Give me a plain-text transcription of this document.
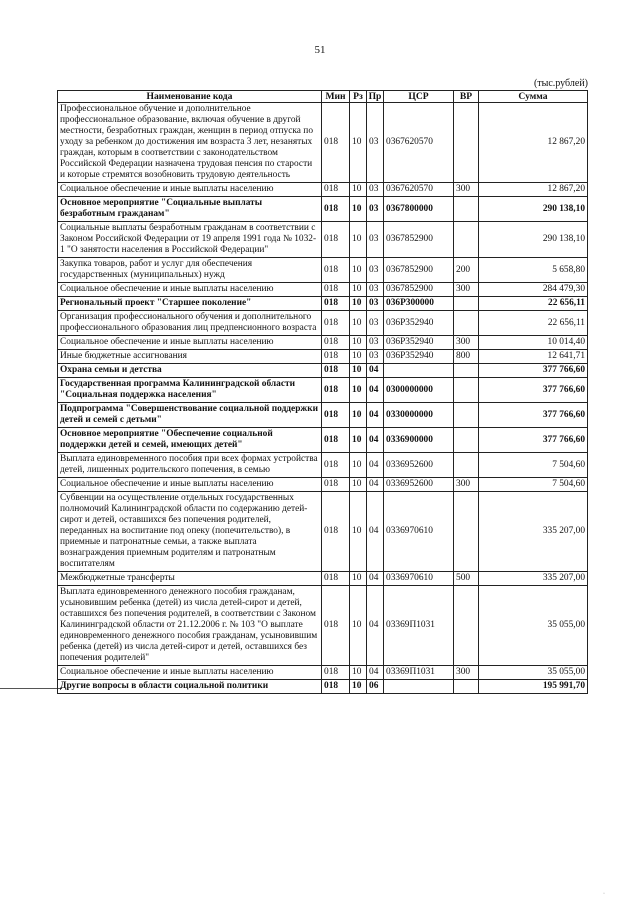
51
(тыс.рублей)
Наименование кода	Мин	Рз	Пр	ЦСР	ВР	Сумма
Профессиональное обучение и дополнительное профессиональное образование, включая обучение в другой местности, безработных граждан, женщин в период отпуска по уходу за ребенком до достижения им возраста 3 лет, незанятых граждан, которым в соответствии с законодательством Российской Федерации назначена трудовая пенсия по старости и которые стремятся возобновить трудовую деятельность	018	10	03	0367620570		12 867,20
Социальное обеспечение и иные выплаты населению	018	10	03	0367620570	300	12 867,20
Основное мероприятие "Социальные выплаты безработным гражданам"	018	10	03	0367800000		290 138,10
Социальные выплаты безработным гражданам в соответствии с Законом Российской Федерации от 19 апреля 1991 года № 1032-1 "О занятости населения в Российской Федерации"	018	10	03	0367852900		290 138,10
Закупка товаров, работ и услуг для обеспечения государственных (муниципальных) нужд	018	10	03	0367852900	200	5 658,80
Социальное обеспечение и иные выплаты населению	018	10	03	0367852900	300	284 479,30
Региональный проект "Старшее поколение"	018	10	03	036P300000		22 656,11
Организация профессионального обучения и дополнительного профессионального образования лиц предпенсионного возраста	018	10	03	036P352940		22 656,11
Социальное обеспечение и иные выплаты населению	018	10	03	036P352940	300	10 014,40
Иные бюджетные ассигнования	018	10	03	036P352940	800	12 641,71
Охрана семьи и детства	018	10	04			377 766,60
Государственная программа Калининградской области "Социальная поддержка населения"	018	10	04	0300000000		377 766,60
Подпрограмма "Совершенствование социальной поддержки детей и семей с детьми"	018	10	04	0330000000		377 766,60
Основное мероприятие "Обеспечение социальной поддержки детей и семей, имеющих детей"	018	10	04	0336900000		377 766,60
Выплата единовременного пособия при всех формах устройства детей, лишенных родительского попечения, в семью	018	10	04	0336952600		7 504,60
Социальное обеспечение и иные выплаты населению	018	10	04	0336952600	300	7 504,60
Субвенции на осуществление отдельных государственных полномочий Калининградской области по содержанию детей-сирот и детей, оставшихся без попечения родителей, переданных на воспитание под опеку (попечительство), в приемные и патронатные семьи, а также выплата вознаграждения приемным родителям и патронатным воспитателям	018	10	04	0336970610		335 207,00
Межбюджетные трансферты	018	10	04	0336970610	500	335 207,00
Выплата единовременного денежного пособия гражданам, усыновившим ребенка (детей) из числа детей-сирот и детей, оставшихся без попечения родителей, в соответствии с Законом Калининградской области от 21.12.2006 г. № 103 "О выплате единовременного денежного пособия гражданам, усыновившим ребенка (детей) из числа детей-сирот и детей, оставшихся без попечения родителей"	018	10	04	03369П1031		35 055,00
Социальное обеспечение и иные выплаты населению	018	10	04	03369П1031	300	35 055,00
Другие вопросы в области социальной политики	018	10	06			195 991,70
·
